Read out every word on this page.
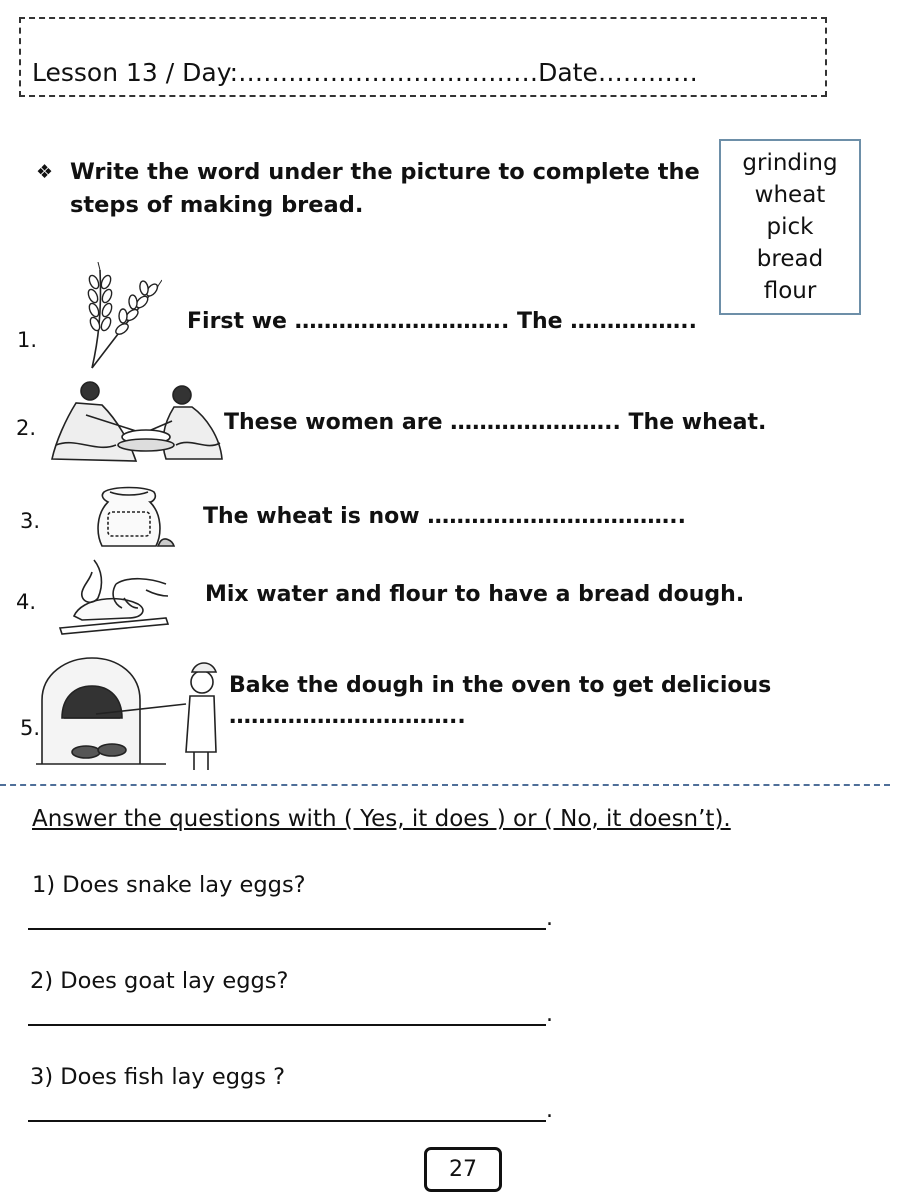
Lesson 13 / Day:………………………………Date…………
❖ Write the word under the picture to complete the
steps of making bread.
grinding
wheat
pick
bread
flour
1.
First we ……………………….. The ……………..
2.	These women are ………………….. The wheat.
3.	The wheat is now ……………………………..
4.	Mix water and flour to have a bread dough.
5.
Bake the dough in the oven to get delicious
…………………………..
Answer the questions with ( Yes, it does ) or ( No, it doesn’t).
1) Does snake lay eggs?
.
2) Does goat lay eggs?
.
3) Does fish lay eggs ?
.
27
